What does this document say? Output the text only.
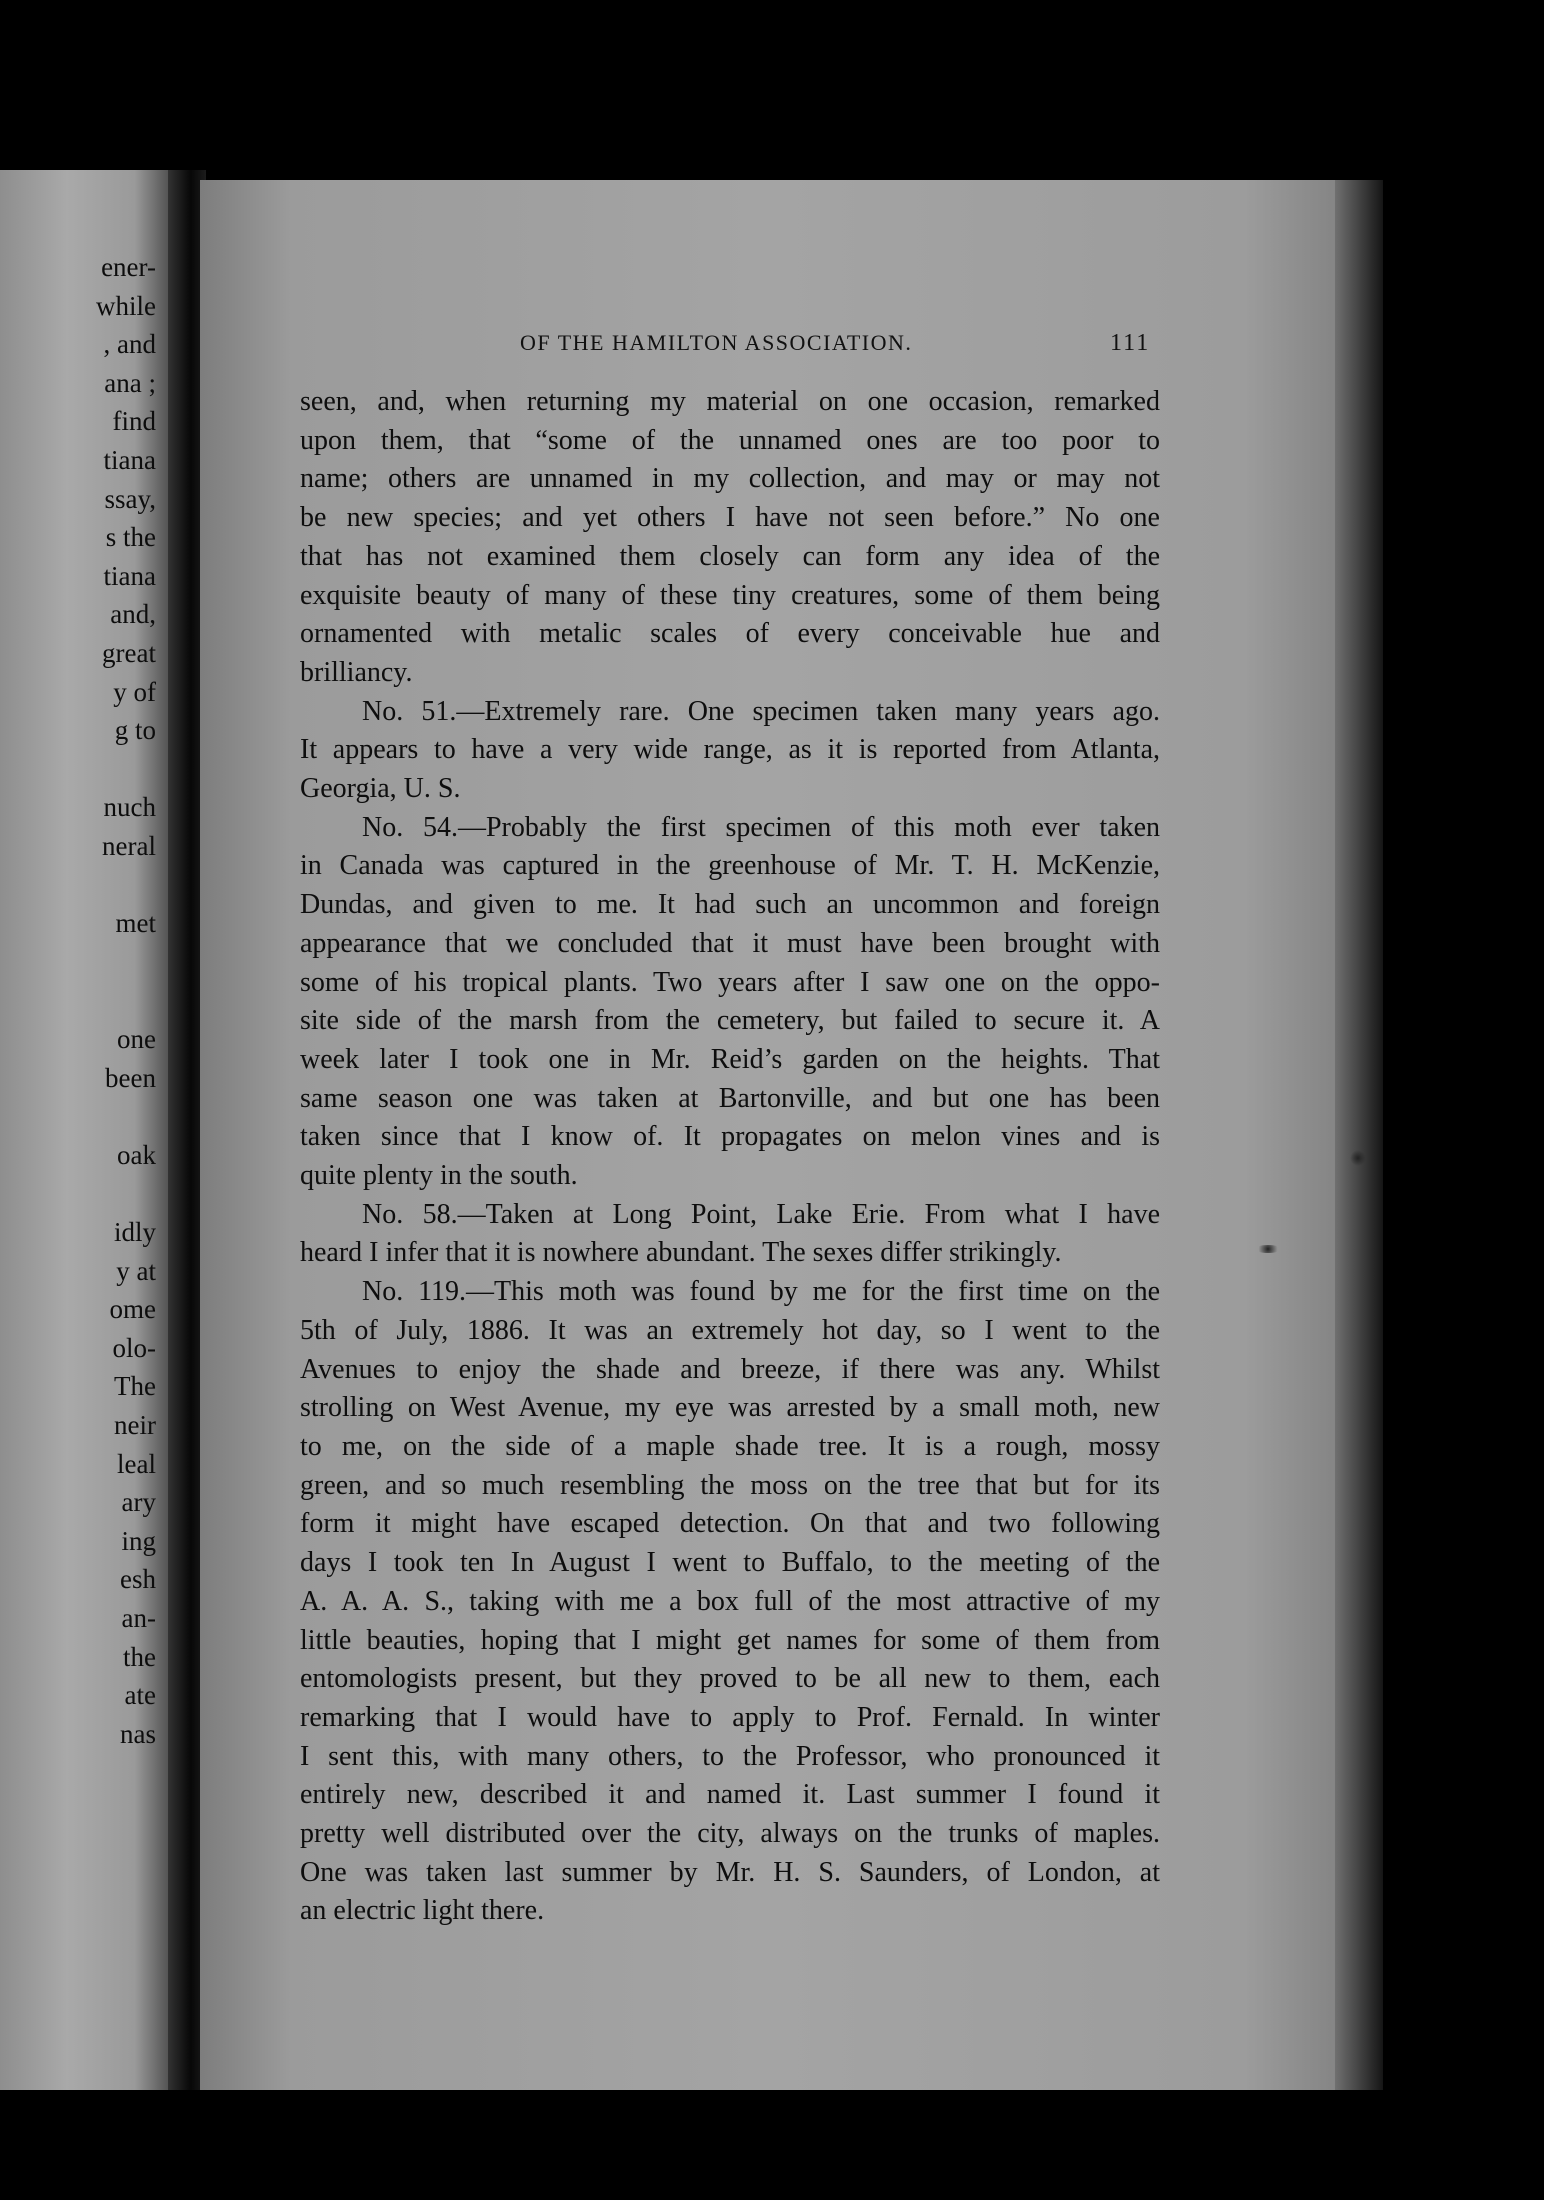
ener-
while
, and
ana ;
find
tiana
ssay,
s the
tiana
and,
great
y of
g to
nuch
neral
met
one
been
oak
idly
y at
ome
olo-
The
neir
leal
ary
ing
esh
an-
the
ate
nas
OF THE HAMILTON ASSOCIATION.	111

seen, and, when returning my material on one occasion, remarked
upon them, that “some of the unnamed ones are too poor to
name; others are unnamed in my collection, and may or may not
be new species; and yet others I have not seen before.” No one
that has not examined them closely can form any idea of the
exquisite beauty of many of these tiny creatures, some of them being
ornamented with metalic scales of every conceivable hue and
brilliancy.

No. 51.—Extremely rare. One specimen taken many years ago.
It appears to have a very wide range, as it is reported from Atlanta,
Georgia, U. S.

No. 54.—Probably the first specimen of this moth ever taken
in Canada was captured in the greenhouse of Mr. T. H. McKenzie,
Dundas, and given to me. It had such an uncommon and foreign
appearance that we concluded that it must have been brought with
some of his tropical plants. Two years after I saw one on the oppo-
site side of the marsh from the cemetery, but failed to secure it. A
week later I took one in Mr. Reid’s garden on the heights. That
same season one was taken at Bartonville, and but one has been
taken since that I know of. It propagates on melon vines and is
quite plenty in the south.

No. 58.—Taken at Long Point, Lake Erie. From what I have
heard I infer that it is nowhere abundant. The sexes differ strikingly.

No. 119.—This moth was found by me for the first time on the
5th of July, 1886. It was an extremely hot day, so I went to the
Avenues to enjoy the shade and breeze, if there was any. Whilst
strolling on West Avenue, my eye was arrested by a small moth, new
to me, on the side of a maple shade tree. It is a rough, mossy
green, and so much resembling the moss on the tree that but for its
form it might have escaped detection. On that and two following
days I took ten In August I went to Buffalo, to the meeting of the
A. A. A. S., taking with me a box full of the most attractive of my
little beauties, hoping that I might get names for some of them from
entomologists present, but they proved to be all new to them, each
remarking that I would have to apply to Prof. Fernald. In winter
I sent this, with many others, to the Professor, who pronounced it
entirely new, described it and named it. Last summer I found it
pretty well distributed over the city, always on the trunks of maples.
One was taken last summer by Mr. H. S. Saunders, of London, at
an electric light there.
